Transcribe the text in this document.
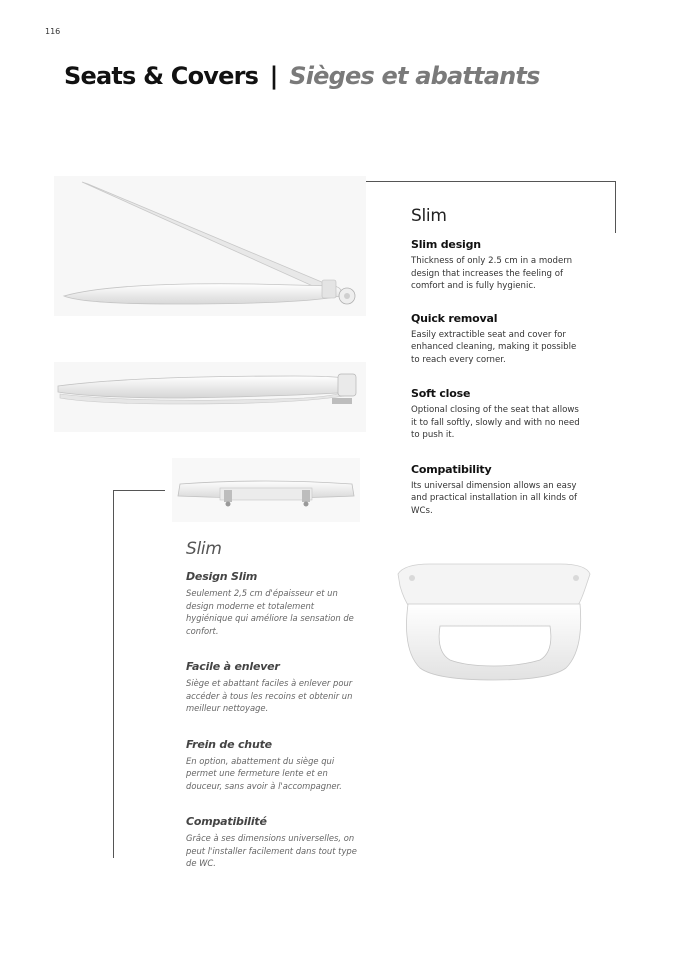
116
Seats & Covers | Sièges et abattants
Slim
Slim design

Thickness of only 2.5 cm in a modern design that increases the feeling of comfort and is fully hygienic.

Quick removal

Easily extractible seat and cover for enhanced cleaning, making it possible to reach every corner.

Soft close

Optional closing of the seat that allows it to fall softly, slowly and with no need to push it.

Compatibility

Its universal dimension allows an easy and practical installation in all kinds of WCs.

Slim
Design Slim

Seulement 2,5 cm d'épaisseur et un design moderne et totalement hygiénique qui améliore la sensation de confort.

Facile à enlever

Siège et abattant faciles à enlever pour accéder à tous les recoins et obtenir un meilleur nettoyage.

Frein de chute

En option, abattement du siège qui permet une fermeture lente et en douceur, sans avoir à l'accompagner.

Compatibilité

Grâce à ses dimensions universelles, on peut l'installer facilement dans tout type de WC.
